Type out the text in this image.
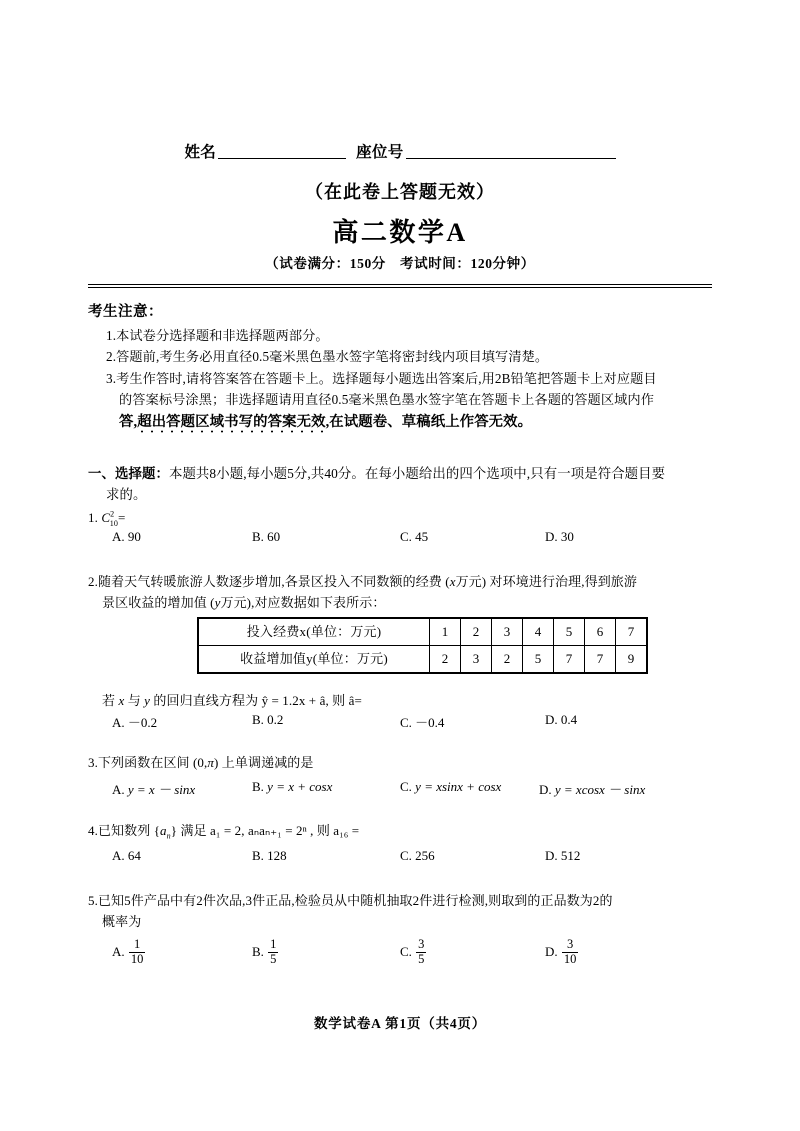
姓名	座位号
（在此卷上答题无效）
高二数学A
（试卷满分：150分　考试时间：120分钟）
考生注意：
1.本试卷分选择题和非选择题两部分。
2.答题前,考生务必用直径0.5毫米黑色墨水签字笔将密封线内项目填写清楚。
3.考生作答时,请将答案答在答题卡上。选择题每小题选出答案后,用2B铅笔把答题卡上对应题目
的答案标号涂黑；非选择题请用直径0.5毫米黑色墨水签字笔在答题卡上各题的答题区域内作
答,超出答题区域书写的答案无效,在试题卷、草稿纸上作答无效。
一、选择题：本题共8小题,每小题5分,共40分。在每小题给出的四个选项中,只有一项是符合题目要
求的。
1. $C^2_{10}=$
A. 90	B. 60	C. 45	D. 30
2.随着天气转暖旅游人数逐步增加,各景区投入不同数额的经费 (x万元) 对环境进行治理,得到旅游
景区收益的增加值 (y万元),对应数据如下表所示：
投入经费x(单位：万元)	1	2	3	4	5	6	7
收益增加值y(单位：万元)	2	3	2	5	7	7	9
若 x 与 y 的回归直线方程为 ŷ = 1.2x + â, 则 â=
A. －0.2	B. 0.2	C. －0.4	D. 0.4
3.下列函数在区间 (0,π) 上单调递减的是
A. y = x － sinx	B. y = x + cosx	C. y = xsinx + cosx	D. y = xcosx － sinx
4.已知数列 $\{a_n\}$ 满足 a₁ = 2, aₙaₙ₊₁ = 2ⁿ , 则 a₁₆ =
A. 64	B. 128	C. 256	D. 512
5.已知5件产品中有2件次品,3件正品,检验员从中随机抽取2件进行检测,则取到的正品数为2的
概率为
A. $\frac{1}{10}$	B. $\frac{1}{5}$	C. $\frac{3}{5}$	D. $\frac{3}{10}$
数学试卷A 第1页（共4页）
